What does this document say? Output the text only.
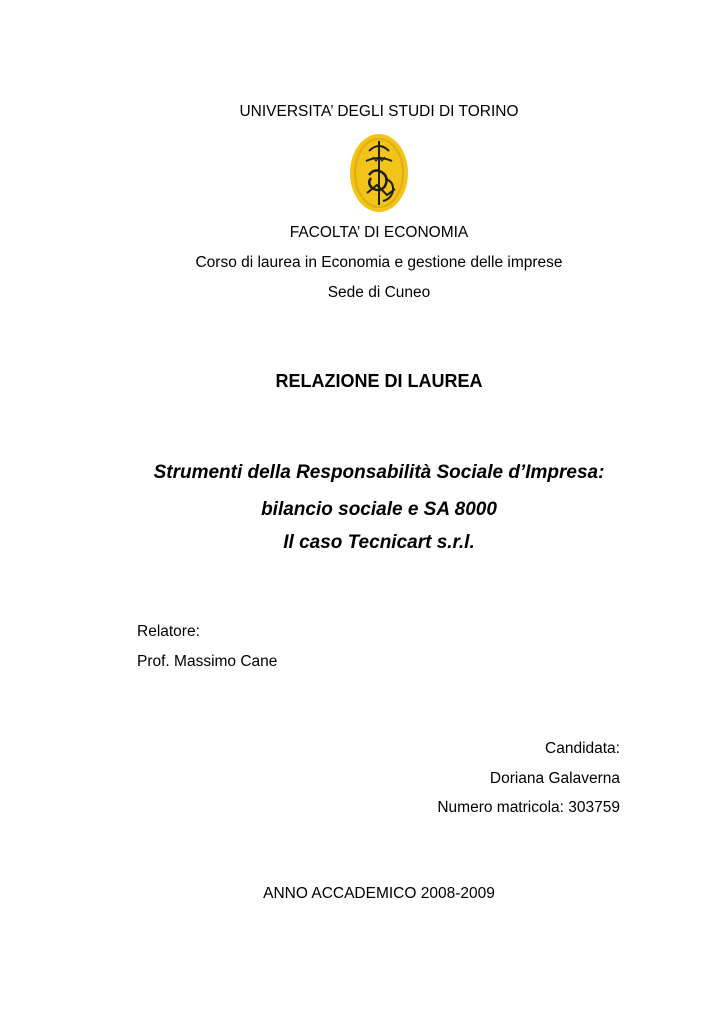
UNIVERSITA’ DEGLI STUDI DI TORINO
FACOLTA’ DI ECONOMIA
Corso di laurea in Economia e gestione delle imprese
Sede di Cuneo
RELAZIONE DI LAUREA
Strumenti della Responsabilità Sociale d’Impresa:
bilancio sociale e SA 8000
Il caso Tecnicart s.r.l.
Relatore:
Prof. Massimo Cane
Candidata:
Doriana Galaverna
Numero matricola: 303759
ANNO ACCADEMICO 2008-2009
